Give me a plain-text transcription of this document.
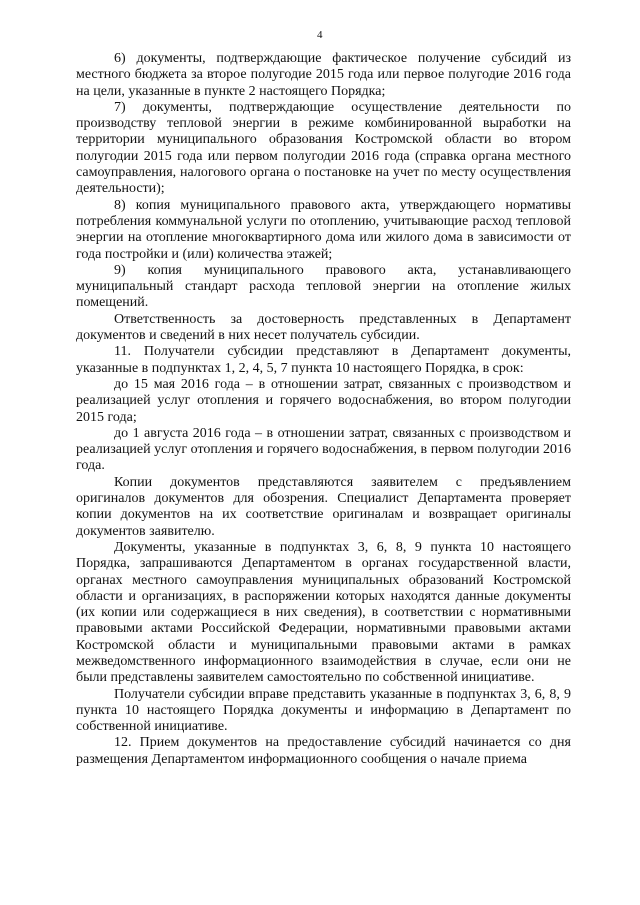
4

6) документы, подтверждающие фактическое получение субсидий из местного бюджета за второе полугодие 2015 года или первое полугодие 2016 года на цели, указанные в пункте 2 настоящего Порядка;

7) документы, подтверждающие осуществление деятельности по производству тепловой энергии в режиме комбинированной выработки на территории муниципального образования Костромской области во втором полугодии 2015 года или первом полугодии 2016 года (справка органа местного самоуправления, налогового органа о постановке на учет по месту осуществления деятельности);

8) копия муниципального правового акта, утверждающего нормативы потребления коммунальной услуги по отоплению, учитывающие расход тепловой энергии на отопление многоквартирного дома или жилого дома в зависимости от года постройки и (или) количества этажей;

9) копия муниципального правового акта, устанавливающего муниципальный стандарт расхода тепловой энергии на отопление жилых помещений.

Ответственность за достоверность представленных в Департамент документов и сведений в них несет получатель субсидии.

11. Получатели субсидии представляют в Департамент документы, указанные в подпунктах 1, 2, 4, 5, 7 пункта 10 настоящего Порядка, в срок:

до 15 мая 2016 года – в отношении затрат, связанных с производством и реализацией услуг отопления и горячего водоснабжения, во втором полугодии 2015 года;

до 1 августа 2016 года – в отношении затрат, связанных с производством и реализацией услуг отопления и горячего водоснабжения, в первом полугодии 2016 года.

Копии документов представляются заявителем с предъявлением оригиналов документов для обозрения. Специалист Департамента проверяет копии документов на их соответствие оригиналам и возвращает оригиналы документов заявителю.

Документы, указанные в подпунктах 3, 6, 8, 9 пункта 10 настоящего Порядка, запрашиваются Департаментом в органах государственной власти, органах местного самоуправления муниципальных образований Костромской области и организациях, в распоряжении которых находятся данные документы (их копии или содержащиеся в них сведения), в соответствии с нормативными правовыми актами Российской Федерации, нормативными правовыми актами Костромской области и муниципальными правовыми актами в рамках межведомственного информационного взаимодействия в случае, если они не были представлены заявителем самостоятельно по собственной инициативе.

Получатели субсидии вправе представить указанные в подпунктах 3, 6, 8, 9 пункта 10 настоящего Порядка документы и информацию в Департамент по собственной инициативе.

12. Прием документов на предоставление субсидий начинается со дня размещения Департаментом информационного сообщения о начале приема
